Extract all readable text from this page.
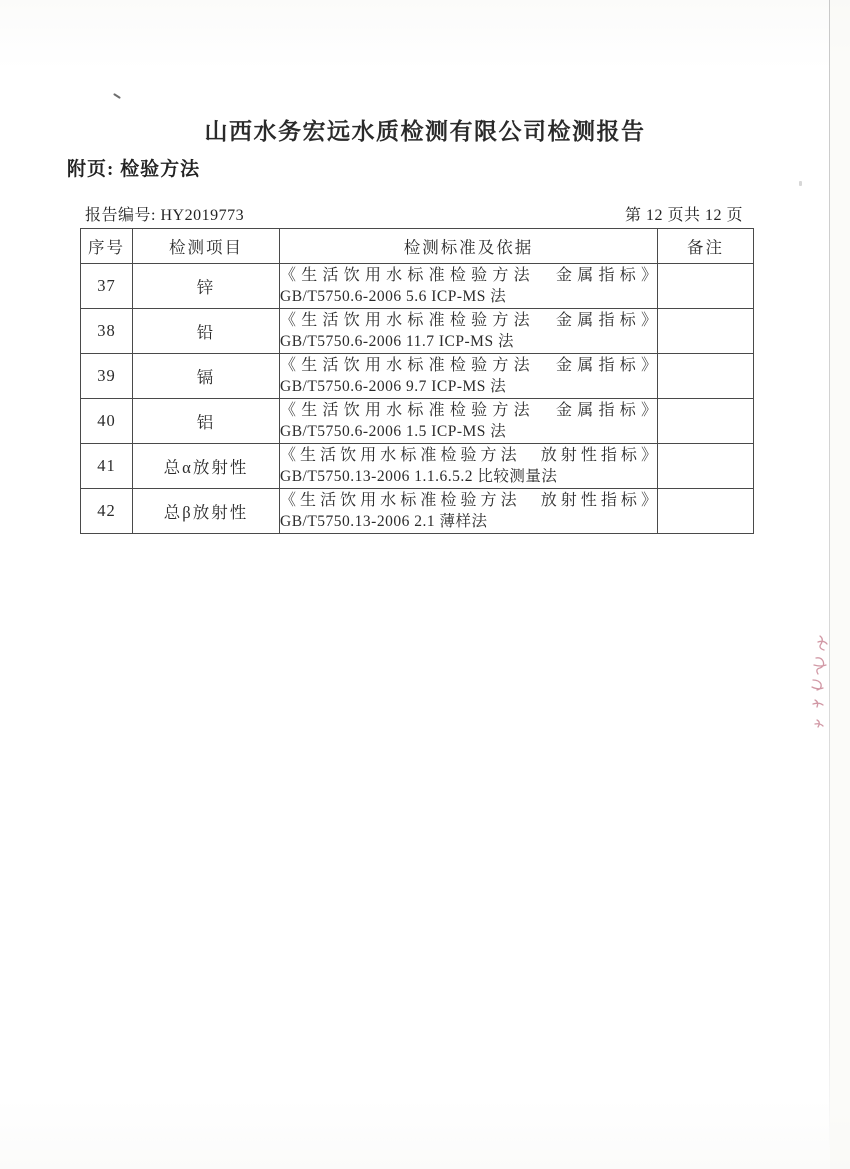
山西水务宏远水质检测有限公司检测报告
附页: 检验方法
报告编号: HY2019773	第 12 页共 12 页
序号	检测项目	检测标准及依据	备注
37	锌	《生活饮用水标准检验方法　金属指标》
GB/T5750.6-2006 5.6 ICP-MS 法	

38	铅	《生活饮用水标准检验方法　金属指标》
GB/T5750.6-2006 11.7 ICP-MS 法	

39	镉	《生活饮用水标准检验方法　金属指标》
GB/T5750.6-2006 9.7 ICP-MS 法	

40	铝	《生活饮用水标准检验方法　金属指标》
GB/T5750.6-2006 1.5 ICP-MS 法	

41	总α放射性	《生活饮用水标准检验方法　放射性指标》
GB/T5750.13-2006 1.1.6.5.2 比较测量法	

42	总β放射性	《生活饮用水标准检验方法　放射性指标》
GB/T5750.13-2006 2.1 薄样法	
